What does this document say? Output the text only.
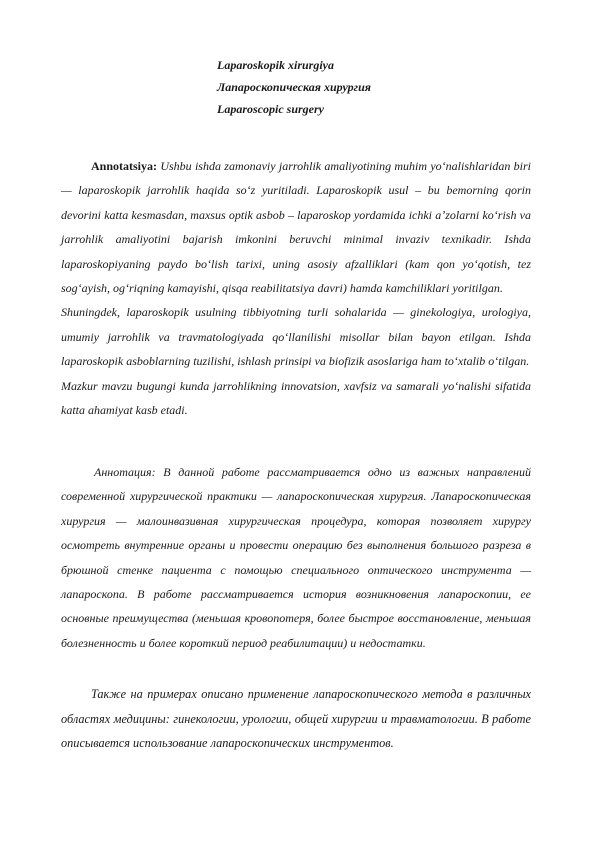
Laparoskopik xirurgiya
Лапароскопическая хирургия
Laparoscopic surgery

Annotatsiya: Ushbu ishda zamonaviy jarrohlik amaliyotining muhim yoʻnalishlaridan biri — laparoskopik jarrohlik haqida soʻz yuritiladi. Laparoskopik usul – bu bemorning qorin devorini katta kesmasdan, maxsus optik asbob – laparoskop yordamida ichki aʼzolarni koʻrish va jarrohlik amaliyotini bajarish imkonini beruvchi minimal invaziv texnikadir. Ishda laparoskopiyaning paydo boʻlish tarixi, uning asosiy afzalliklari (kam qon yoʻqotish, tez sogʻayish, ogʻriqning kamayishi, qisqa reabilitatsiya davri) hamda kamchiliklari yoritilgan.

Shuningdek, laparoskopik usulning tibbiyotning turli sohalarida — ginekologiya, urologiya, umumiy jarrohlik va travmatologiyada qoʻllanilishi misollar bilan bayon etilgan. Ishda laparoskopik asboblarning tuzilishi, ishlash prinsipi va biofizik asoslariga ham toʻxtalib oʻtilgan.

Mazkur mavzu bugungi kunda jarrohlikning innovatsion, xavfsiz va samarali yoʻnalishi sifatida katta ahamiyat kasb etadi.

Аннотация: В данной работе рассматривается одно из важных направлений современной хирургической практики — лапароскопическая хирургия. Лапароскопическая хирургия — малоинвазивная хирургическая процедура, которая позволяет хирургу осмотреть внутренние органы и провести операцию без выполнения большого разреза в брюшной стенке пациента с помощью специального оптического инструмента — лапароскопа. В работе рассматривается история возникновения лапароскопии, ее основные преимущества (меньшая кровопотеря, более быстрое восстановление, меньшая болезненность и более короткий период реабилитации) и недостатки.

Также на примерах описано применение лапароскопического метода в различных областях медицины: гинекологии, урологии, общей хирургии и травматологии. В работе описывается использование лапароскопических инструментов.
